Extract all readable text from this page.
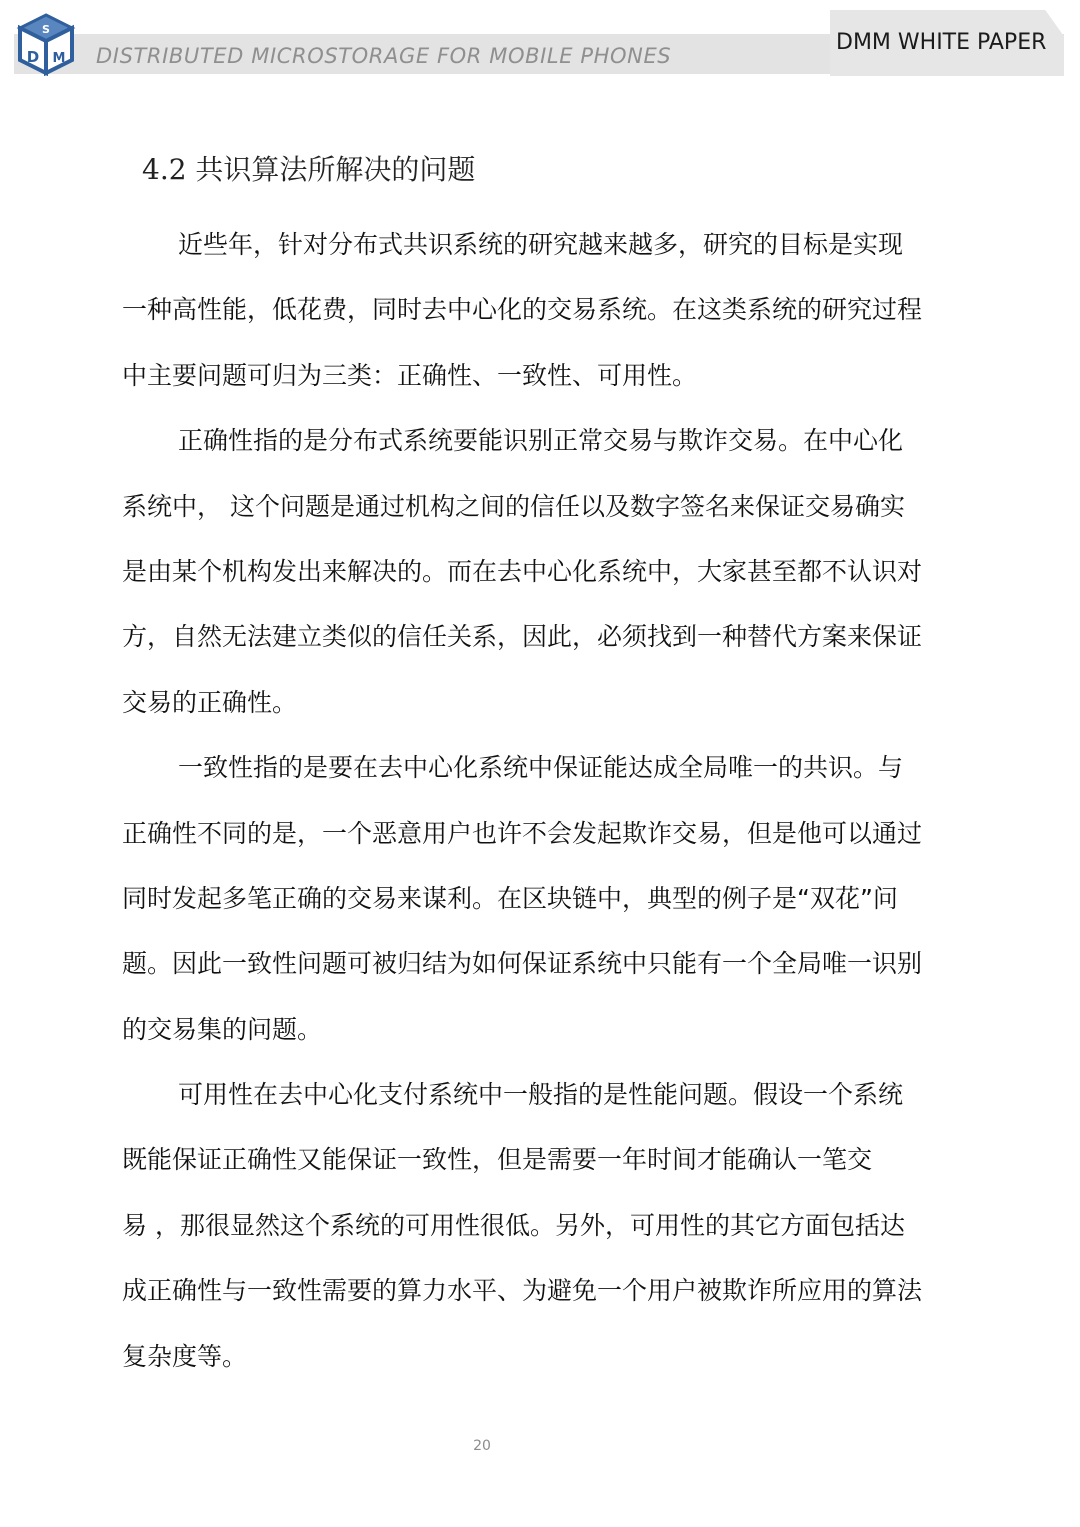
S
D M DISTRIBUTED MICROSTORAGE FOR MOBILE PHONES
DMM WHITE PAPER
4.2 共识算法所解决的问题
近些年，针对分布式共识系统的研究越来越多，研究的目标是实现
一种高性能，低花费，同时去中心化的交易系统。在这类系统的研究过程
中主要问题可归为三类：正确性、一致性、可用性。
正确性指的是分布式系统要能识别正常交易与欺诈交易。在中心化
系统中， 这个问题是通过机构之间的信任以及数字签名来保证交易确实
是由某个机构发出来解决的。而在去中心化系统中，大家甚至都不认识对
方，自然无法建立类似的信任关系，因此，必须找到一种替代方案来保证
交易的正确性。
一致性指的是要在去中心化系统中保证能达成全局唯一的共识。与
正确性不同的是，一个恶意用户也许不会发起欺诈交易，但是他可以通过
同时发起多笔正确的交易来谋利。在区块链中，典型的例子是“双花”问
题。因此一致性问题可被归结为如何保证系统中只能有一个全局唯一识别
的交易集的问题。
可用性在去中心化支付系统中一般指的是性能问题。假设一个系统
既能保证正确性又能保证一致性，但是需要一年时间才能确认一笔交
易 ，那很显然这个系统的可用性很低。另外，可用性的其它方面包括达
成正确性与一致性需要的算力水平、为避免一个用户被欺诈所应用的算法
复杂度等。
20
